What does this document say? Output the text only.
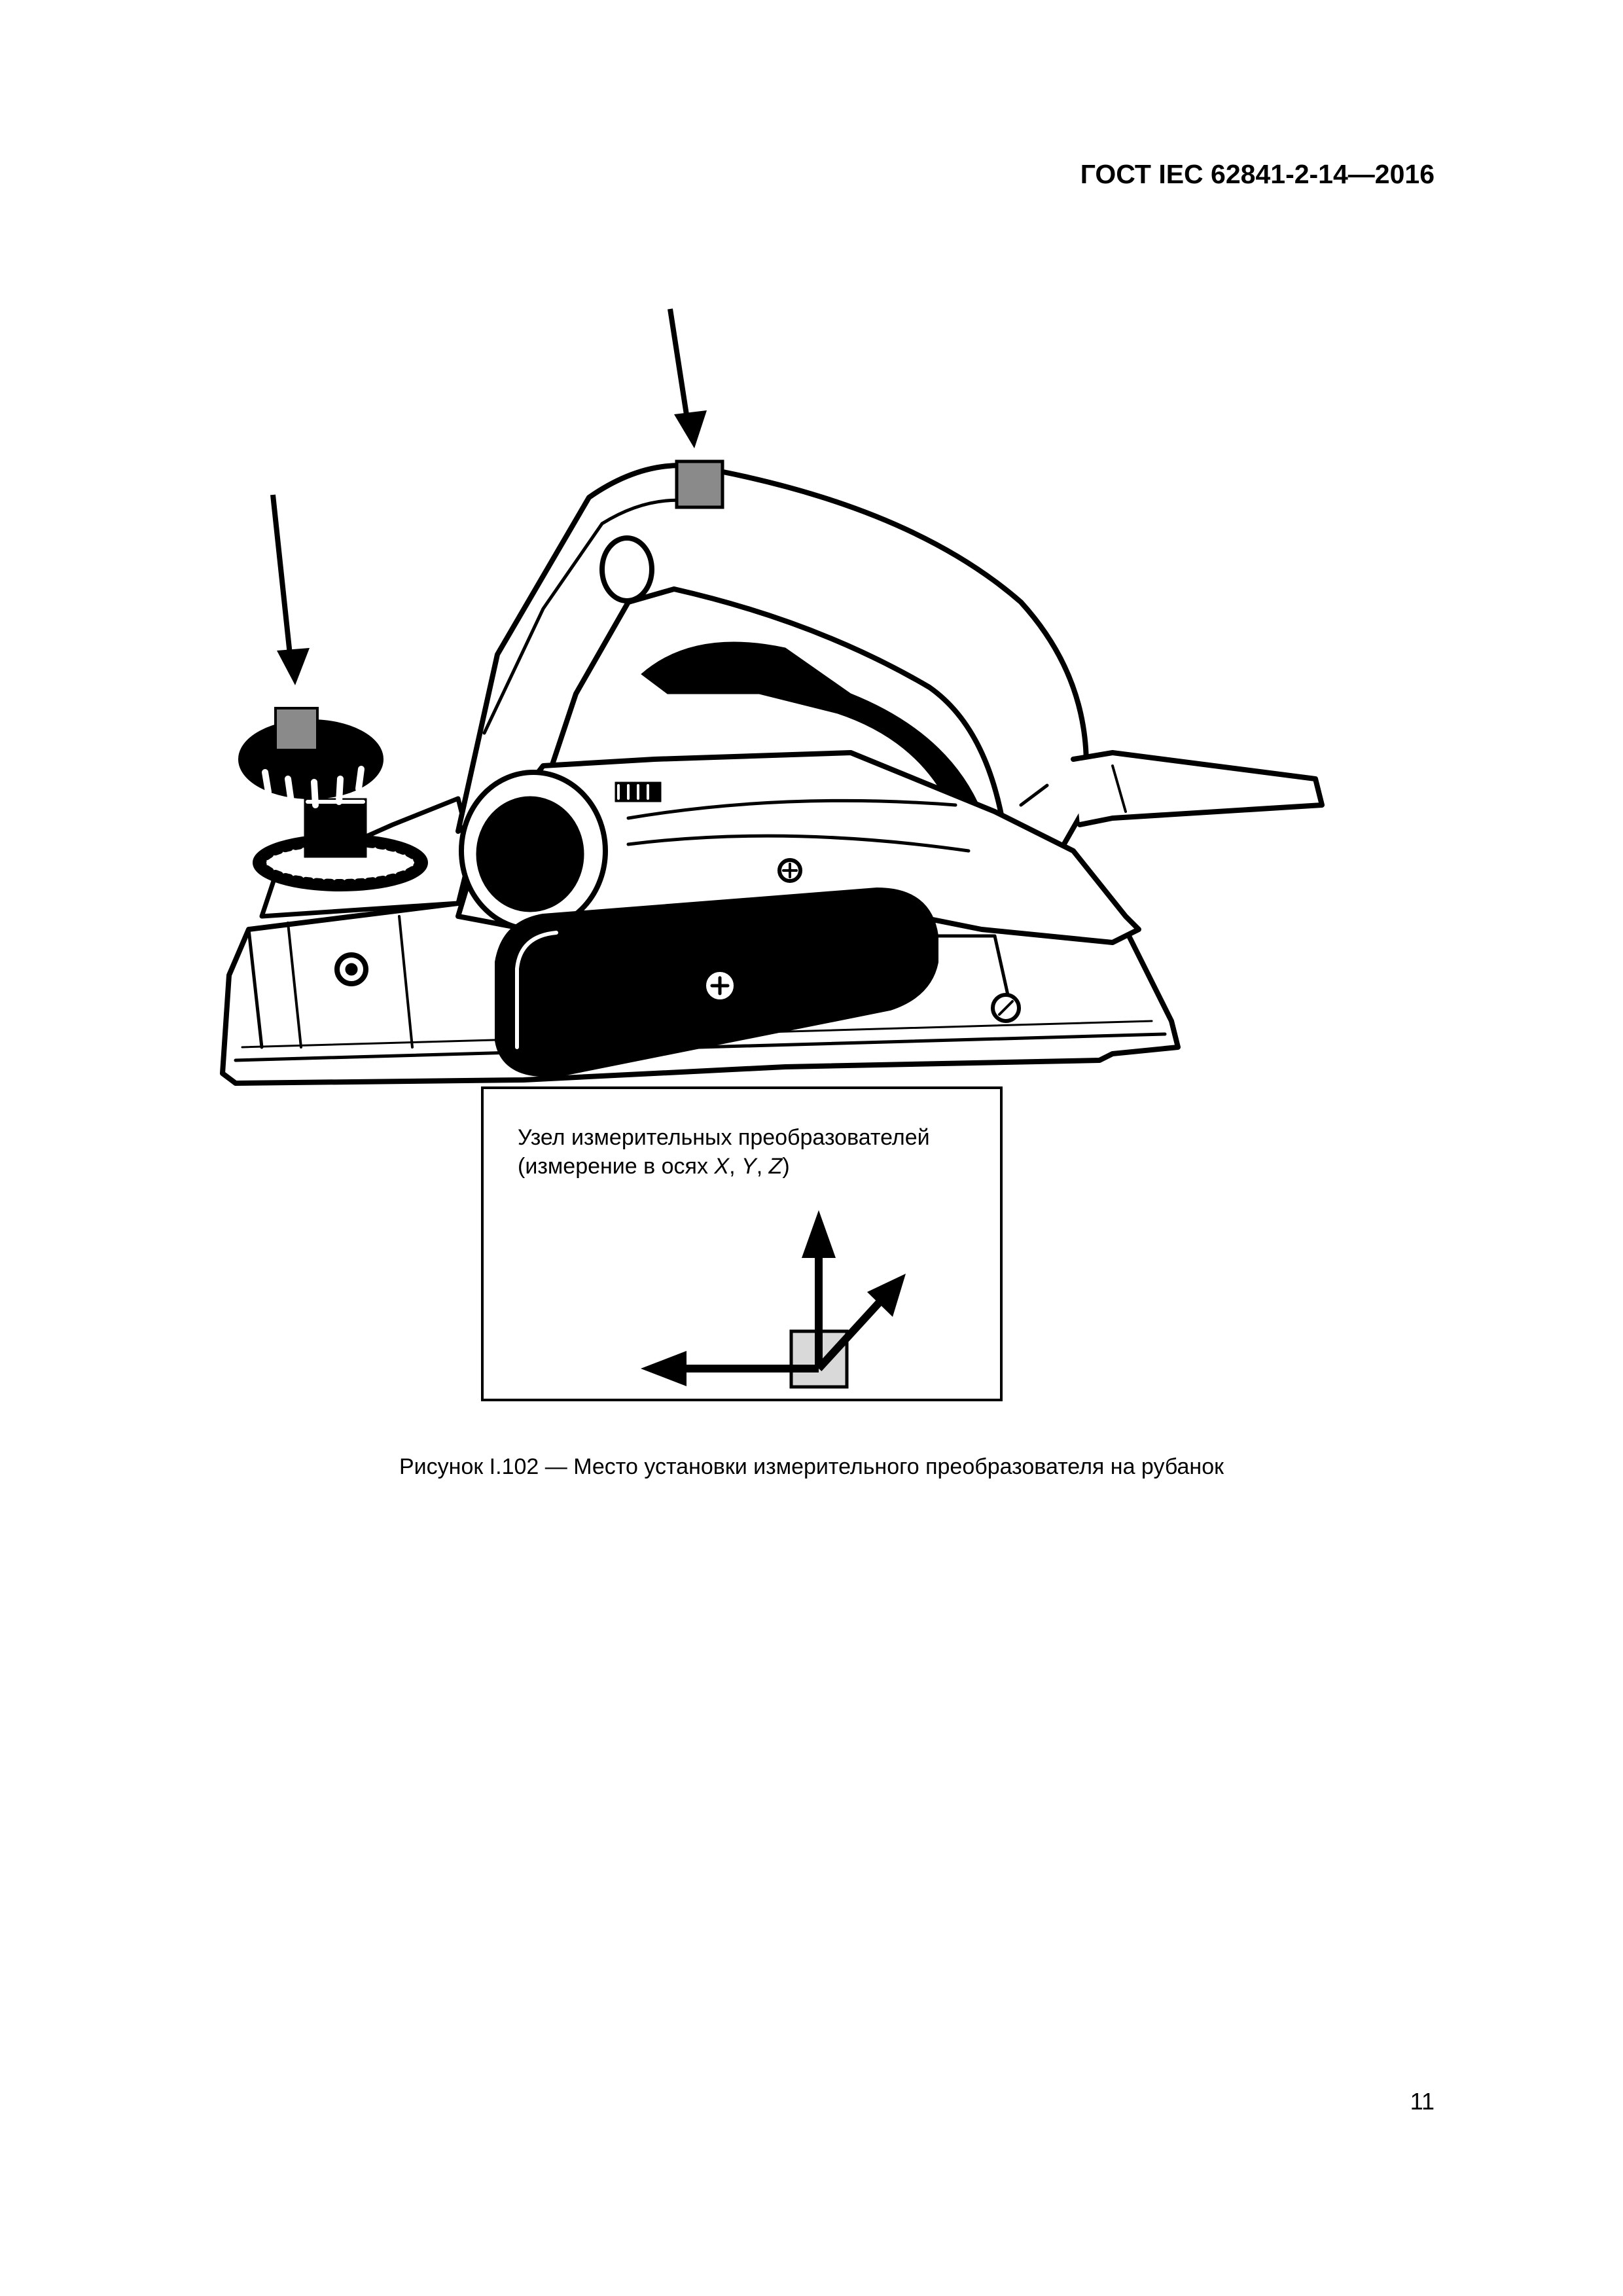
ГОСТ IEC 62841-2-14—2016
Узел измерительных преобразователей
(измерение в осях X, Y, Z)
Рисунок I.102 — Место установки измерительного преобразователя на рубанок
11
